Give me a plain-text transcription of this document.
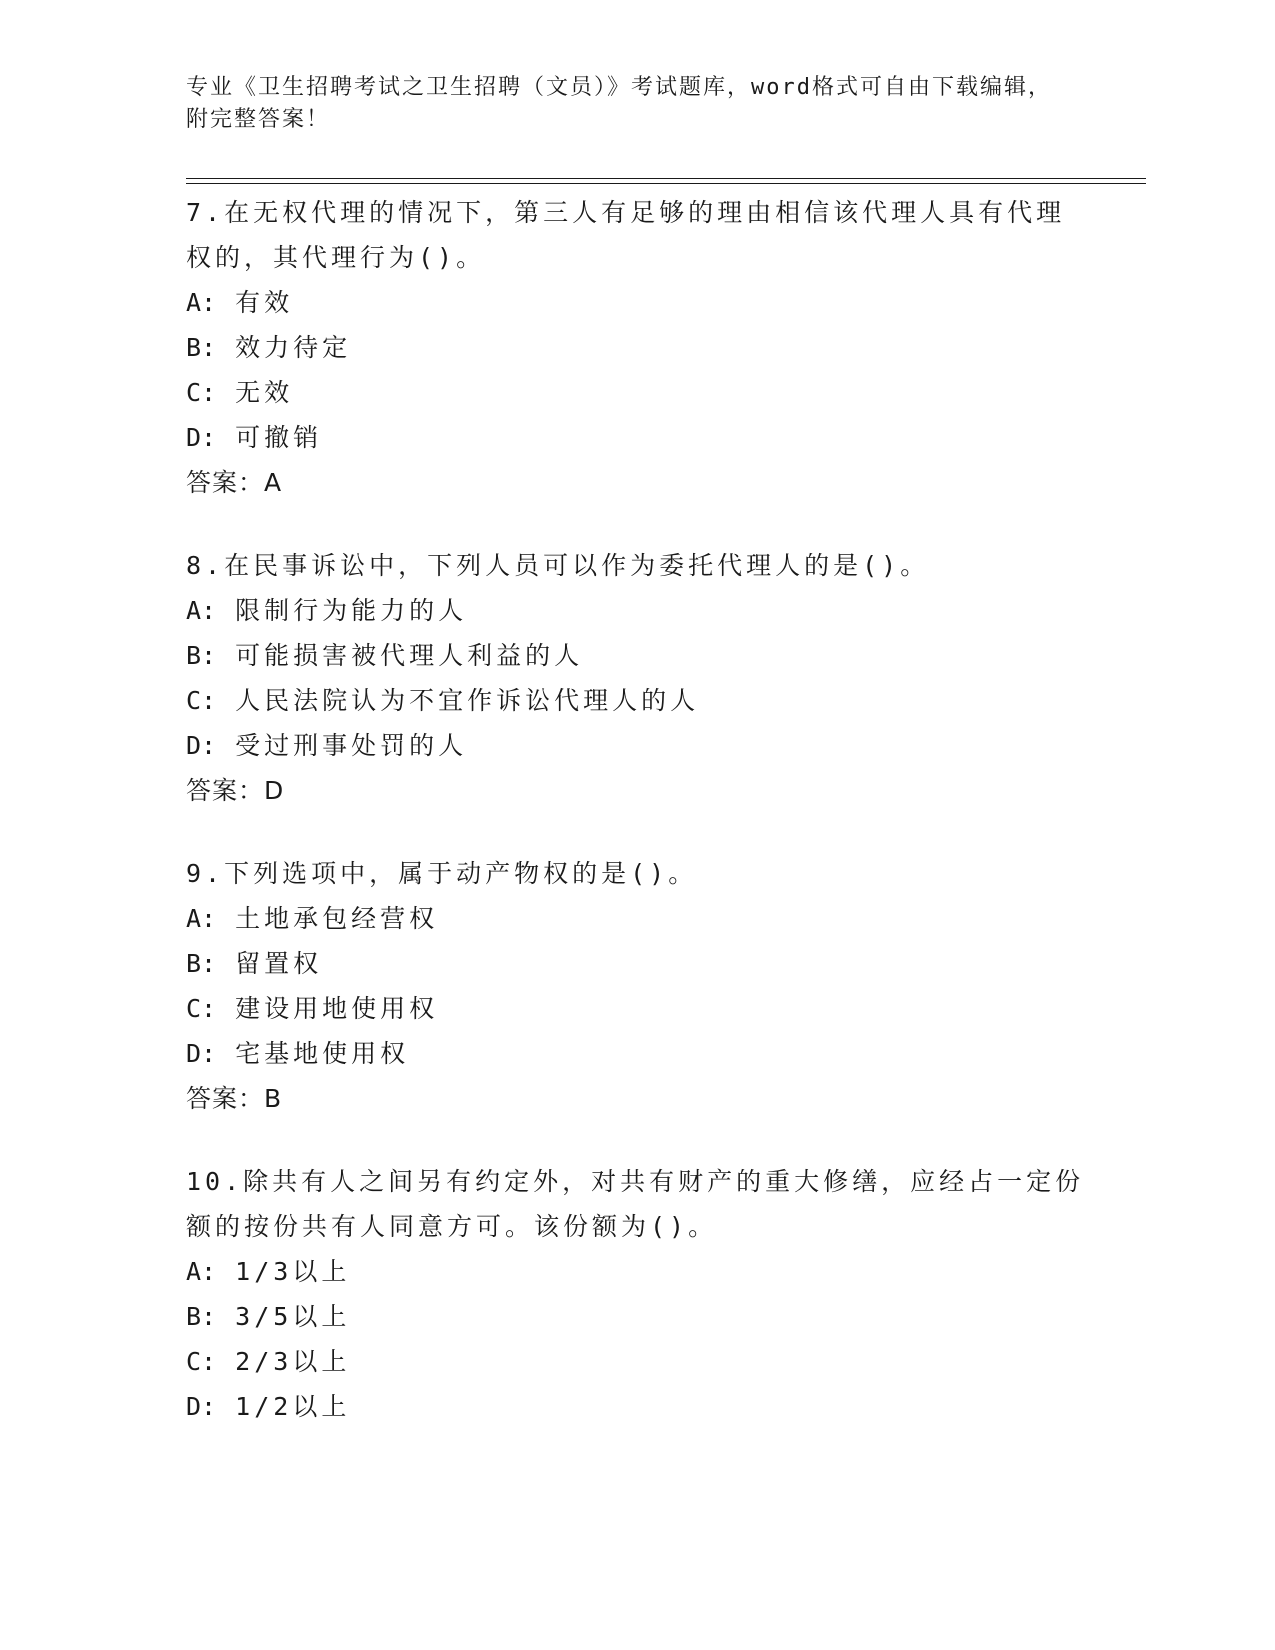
专业《卫生招聘考试之卫生招聘（文员）》考试题库，word格式可自由下载编辑，附完整答案！

7.在无权代理的情况下，第三人有足够的理由相信该代理人具有代理权的，其代理行为()。

A: 有效
B: 效力待定
C: 无效
D: 可撤销
答案：A

8.在民事诉讼中，下列人员可以作为委托代理人的是()。

A: 限制行为能力的人
B: 可能损害被代理人利益的人
C: 人民法院认为不宜作诉讼代理人的人
D: 受过刑事处罚的人
答案：D

9.下列选项中，属于动产物权的是()。

A: 土地承包经营权
B: 留置权
C: 建设用地使用权
D: 宅基地使用权
答案：B

10.除共有人之间另有约定外，对共有财产的重大修缮，应经占一定份额的按份共有人同意方可。该份额为()。

A: 1/3以上
B: 3/5以上
C: 2/3以上
D: 1/2以上
